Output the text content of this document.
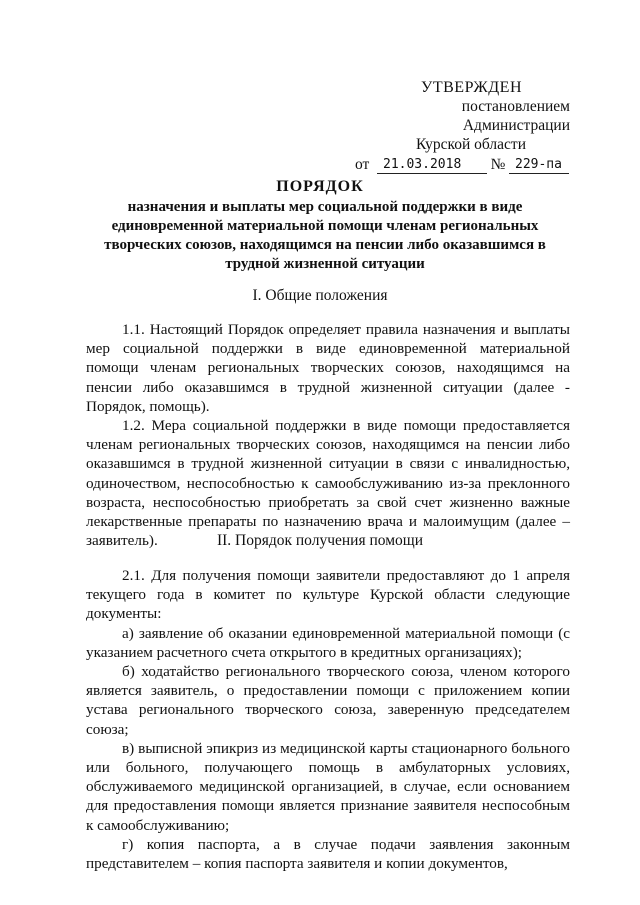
УТВЕРЖДЕН
постановлением Администрации
Курской области
от	21.03.2018	№ 229-па
ПОРЯДОК
назначения и выплаты мер социальной поддержки в виде единовременной материальной помощи членам региональных творческих союзов, находящимся на пенсии либо оказавшимся в трудной жизненной ситуации
I. Общие положения

1.1. Настоящий Порядок определяет правила назначения и выплаты мер социальной поддержки в виде единовременной материальной помощи членам региональных творческих союзов, находящимся на пенсии либо оказавшимся в трудной жизненной ситуации (далее - Порядок, помощь).

1.2. Мера социальной поддержки в виде помощи предоставляется членам региональных творческих союзов, находящимся на пенсии либо оказавшимся в трудной жизненной ситуации в связи с инвалидностью, одиночеством, неспособностью к самообслуживанию из-за преклонного возраста, неспособностью приобретать за свой счет жизненно важные лекарственные препараты по назначению врача и малоимущим (далее – заявитель).	II. Порядок получения помощи

2.1. Для получения помощи заявители предоставляют до 1 апреля текущего года в комитет по культуре Курской области следующие документы:

а) заявление об оказании единовременной материальной помощи (с указанием расчетного счета открытого в кредитных организациях);

б) ходатайство регионального творческого союза, членом которого является заявитель, о предоставлении помощи с приложением копии устава регионального творческого союза, заверенную председателем союза;

в) выписной эпикриз из медицинской карты стационарного больного или больного, получающего помощь в амбулаторных условиях, обслуживаемого медицинской организацией, в случае, если основанием для предоставления помощи является признание заявителя неспособным к самообслуживанию;

г) копия паспорта, а в случае подачи заявления законным представителем – копия паспорта заявителя и копии документов,
